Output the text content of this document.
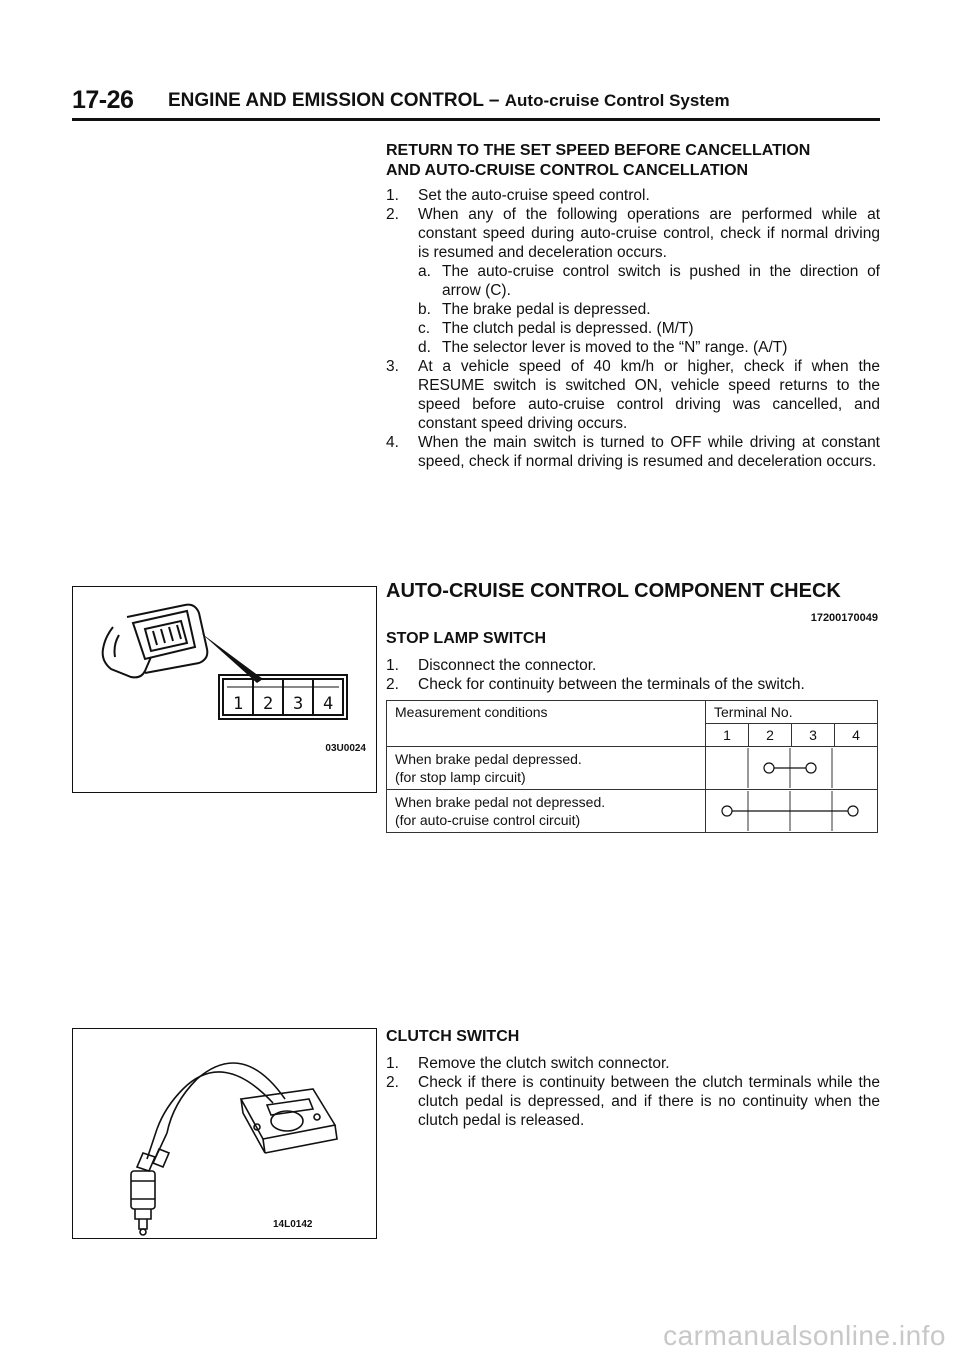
17-26 ENGINE AND EMISSION CONTROL – Auto-cruise Control System
RETURN TO THE SET SPEED BEFORE CANCELLATION
AND AUTO-CRUISE CONTROL CANCELLATION
1. Set the auto-cruise speed control.
2. When any of the following operations are performed while at constant speed during auto-cruise control, check if normal driving is resumed and deceleration occurs.
a. The auto-cruise control switch is pushed in the direction of arrow (C).
b. The brake pedal is depressed.
c. The clutch pedal is depressed. (M/T)
d. The selector lever is moved to the “N” range. (A/T)
3. At a vehicle speed of 40 km/h or higher, check if when the RESUME switch is switched ON, vehicle speed returns to the speed before auto-cruise control driving was cancelled, and constant speed driving occurs.
4. When the main switch is turned to OFF while driving at constant speed, check if normal driving is resumed and deceleration occurs.
1 2 3 4
03U0024
AUTO-CRUISE CONTROL COMPONENT CHECK
17200170049
STOP LAMP SWITCH
1. Disconnect the connector.
2. Check for continuity between the terminals of the switch.
Measurement conditions	Terminal No.			
	1	2	3	4

When brake pedal depressed.
(for stop lamp circuit)

When brake pedal not depressed.
(for auto-cruise control circuit)

14L0142
CLUTCH SWITCH
1. Remove the clutch switch connector.
2. Check if there is continuity between the clutch terminals while the clutch pedal is depressed, and if there is no continuity when the clutch pedal is released.
carmanualsonline.info
